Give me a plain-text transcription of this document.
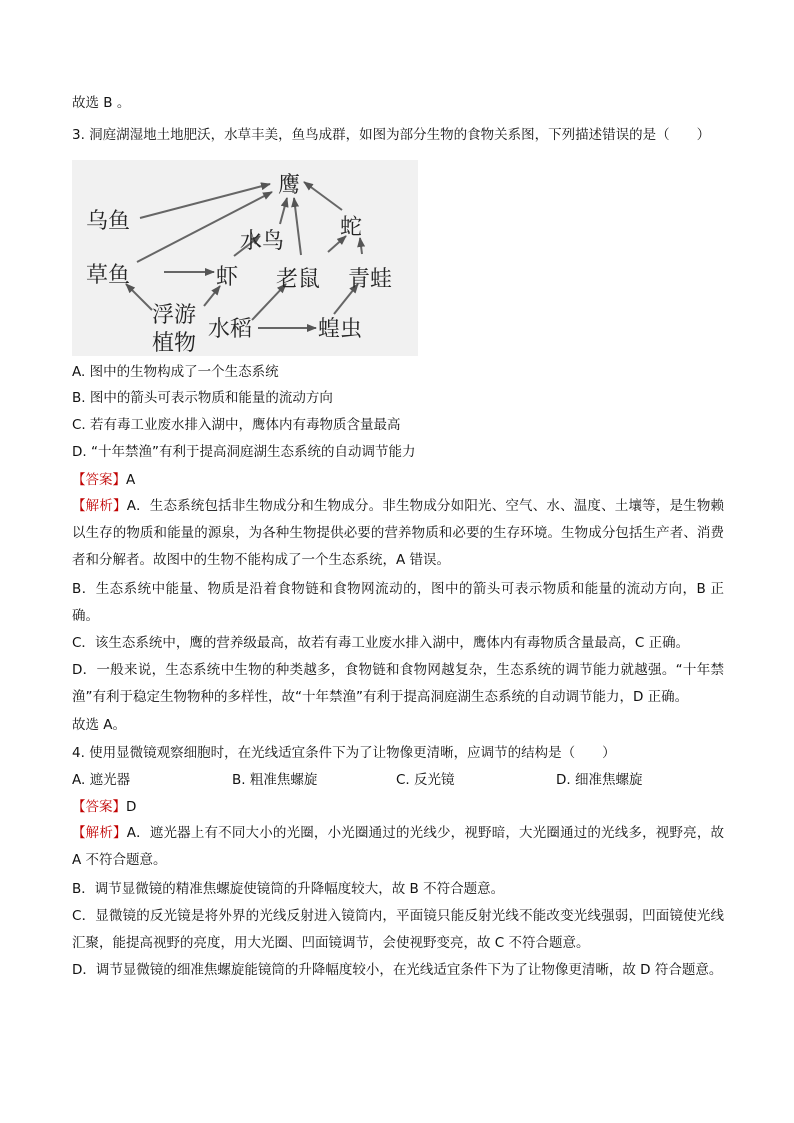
故选 B 。
3. 洞庭湖湿地土地肥沃，水草丰美，鱼鸟成群，如图为部分生物的食物关系图，下列描述错误的是（　　）
鹰
乌鱼	蛇
水鸟
草鱼	虾 老鼠 青蛙
浮游
植物
水稻	蝗虫
A. 图中的生物构成了一个生态系统
B. 图中的箭头可表示物质和能量的流动方向
C. 若有毒工业废水排入湖中，鹰体内有毒物质含量最高
D. “十年禁渔”有利于提高洞庭湖生态系统的自动调节能力
【答案】A
【解析】A．生态系统包括非生物成分和生物成分。非生物成分如阳光、空气、水、温度、土壤等，是生物赖以生存的物质和能量的源泉，为各种生物提供必要的营养物质和必要的生存环境。生物成分包括生产者、消费者和分解者。故图中的生物不能构成了一个生态系统，A 错误。
B．生态系统中能量、物质是沿着食物链和食物网流动的，图中的箭头可表示物质和能量的流动方向，B 正确。
C．该生态系统中，鹰的营养级最高，故若有毒工业废水排入湖中，鹰体内有毒物质含量最高，C 正确。
D．一般来说，生态系统中生物的种类越多，食物链和食物网越复杂，生态系统的调节能力就越强。“十年禁渔”有利于稳定生物物种的多样性，故“十年禁渔”有利于提高洞庭湖生态系统的自动调节能力，D 正确。
故选 A。
4. 使用显微镜观察细胞时，在光线适宜条件下为了让物像更清晰，应调节的结构是（　　）
A. 遮光器	B. 粗准焦螺旋	C. 反光镜	D. 细准焦螺旋
【答案】D
【解析】A．遮光器上有不同大小的光圈，小光圈通过的光线少，视野暗，大光圈通过的光线多，视野亮，故 A 不符合题意。
B．调节显微镜的精准焦螺旋使镜筒的升降幅度较大，故 B 不符合题意。
C．显微镜的反光镜是将外界的光线反射进入镜筒内，平面镜只能反射光线不能改变光线强弱，凹面镜使光线汇聚，能提高视野的亮度，用大光圈、凹面镜调节，会使视野变亮，故 C 不符合题意。
D．调节显微镜的细准焦螺旋能镜筒的升降幅度较小，在光线适宜条件下为了让物像更清晰，故 D 符合题意。
